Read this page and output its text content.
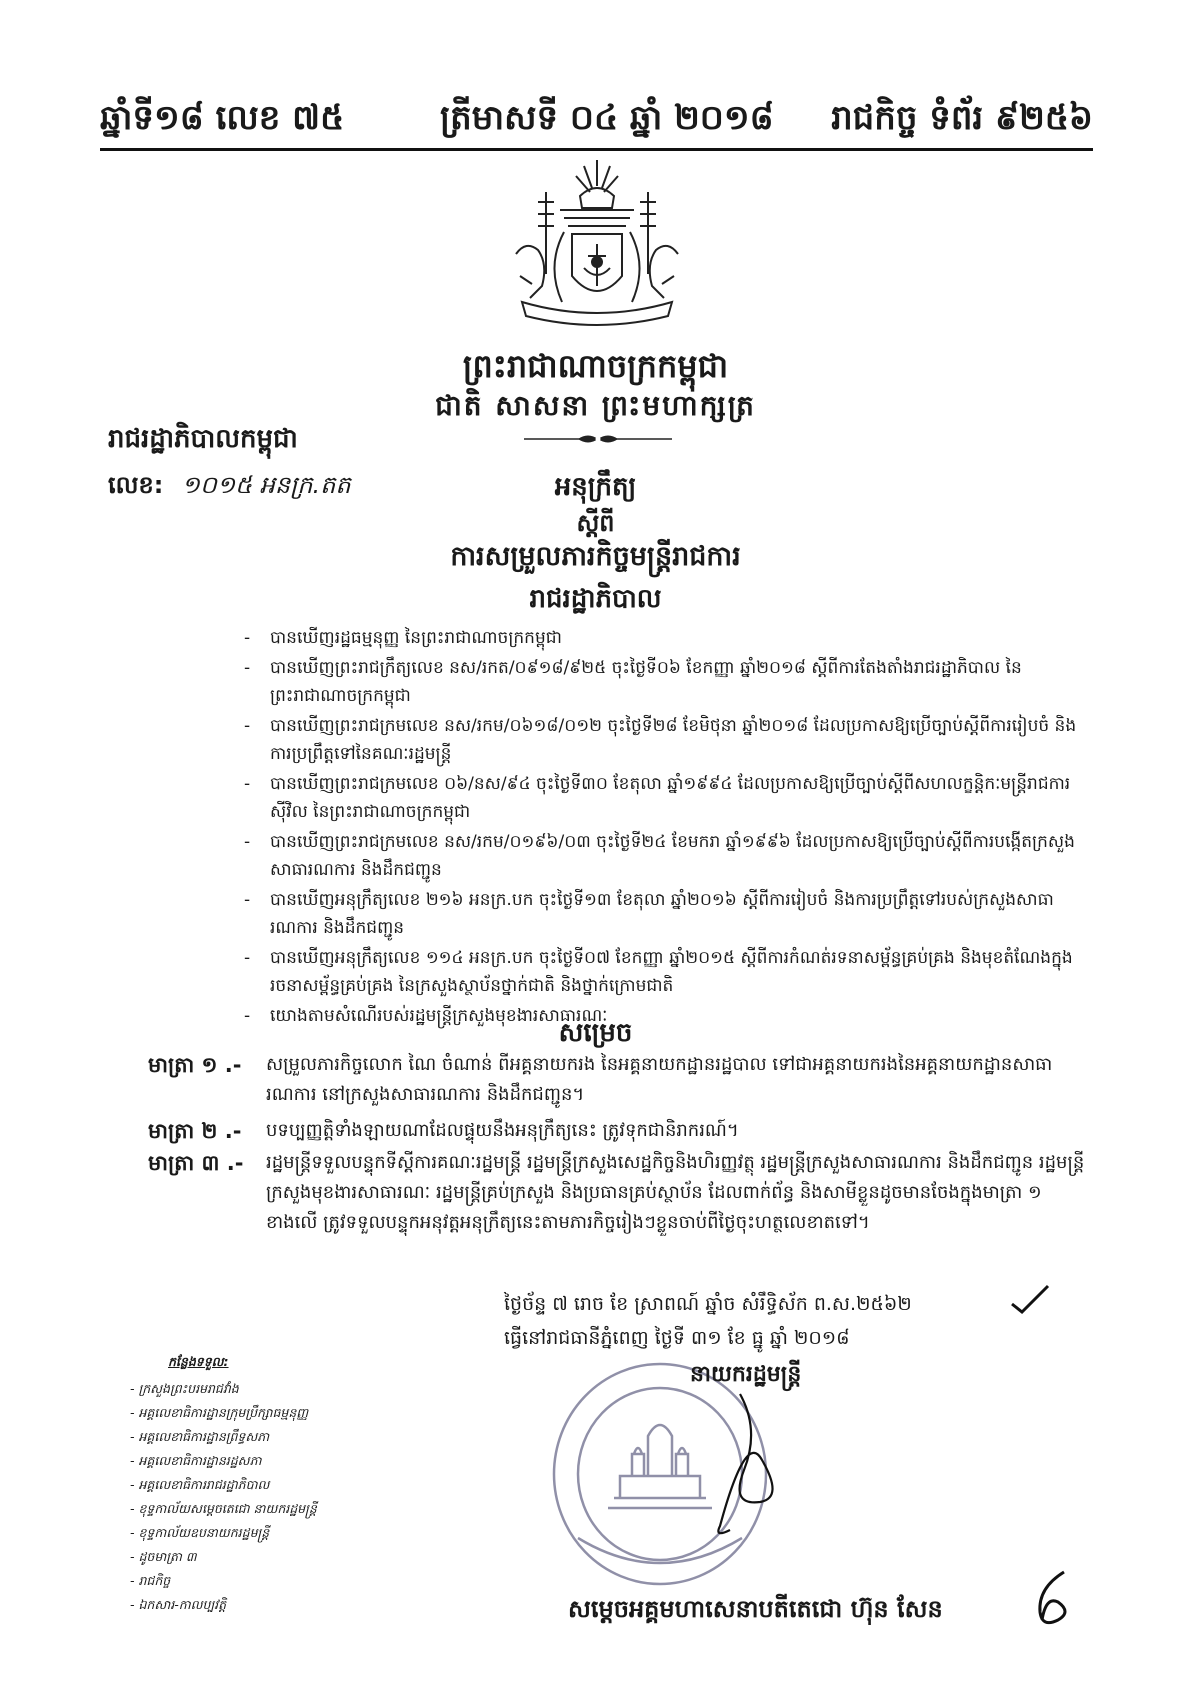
ឆ្នាំទី១៨ លេខ ៧៥	ត្រីមាសទី ០៤ ឆ្នាំ ២០១៨ រាជកិច្ច ទំព័រ ៩២៥៦
ព្រះរាជាណាចក្រកម្ពុជា
ជាតិ សាសនា ព្រះមហាក្សត្រ
រាជរដ្ឋាភិបាលកម្ពុជា
លេខ: ១០១៥ អនក្រ.តត	អនុក្រឹត្យ
ស្តីពី
ការសម្រួលភារកិច្ចមន្ត្រីរាជការ
រាជរដ្ឋាភិបាល
- បានឃើញរដ្ឋធម្មនុញ្ញ នៃព្រះរាជាណាចក្រកម្ពុជា
- បានឃើញព្រះរាជក្រឹត្យលេខ នស/រកត/០៩១៨/៩២៥ ចុះថ្ងៃទី០៦ ខែកញ្ញា ឆ្នាំ២០១៨ ស្តីពីការតែងតាំងរាជរដ្ឋាភិបាល នៃព្រះរាជាណាចក្រកម្ពុជា
- បានឃើញព្រះរាជក្រមលេខ នស/រកម/០៦១៨/០១២ ចុះថ្ងៃទី២៨ ខែមិថុនា ឆ្នាំ២០១៨ ដែលប្រកាសឱ្យប្រើច្បាប់ស្តីពីការរៀបចំ និងការប្រព្រឹត្តទៅនៃគណៈរដ្ឋមន្ត្រី
- បានឃើញព្រះរាជក្រមលេខ ០៦/នស/៩៤ ចុះថ្ងៃទី៣០ ខែតុលា ឆ្នាំ១៩៩៤ ដែលប្រកាសឱ្យប្រើច្បាប់ស្តីពីសហលក្ខន្តិកៈមន្ត្រីរាជការស៊ីវិល នៃព្រះរាជាណាចក្រកម្ពុជា
- បានឃើញព្រះរាជក្រមលេខ នស/រកម/០១៩៦/០៣ ចុះថ្ងៃទី២៤ ខែមករា ឆ្នាំ១៩៩៦ ដែលប្រកាសឱ្យប្រើច្បាប់ស្តីពីការបង្កើតក្រសួងសាធារណការ និងដឹកជញ្ជូន
- បានឃើញអនុក្រឹត្យលេខ ២១៦ អនក្រ.បក ចុះថ្ងៃទី១៣ ខែតុលា ឆ្នាំ២០១៦ ស្តីពីការរៀបចំ និងការប្រព្រឹត្តទៅរបស់ក្រសួងសាធារណការ និងដឹកជញ្ជូន
- បានឃើញអនុក្រឹត្យលេខ ១១៤ អនក្រ.បក ចុះថ្ងៃទី០៧ ខែកញ្ញា ឆ្នាំ២០១៥ ស្តីពីការកំណត់រទនាសម្ព័ន្ធគ្រប់គ្រង និងមុខតំណែងក្នុងរចនាសម្ព័ន្ធគ្រប់គ្រង នៃក្រសួងស្ថាប័នថ្នាក់ជាតិ និងថ្នាក់ក្រោមជាតិ
- យោងតាមសំណើរបស់រដ្ឋមន្ត្រីក្រសួងមុខងារសាធារណៈ
សម្រេច
មាត្រា ១ .-	សម្រួលភារកិច្ចលោក ណៃ ចំណាន់ ពីអគ្គនាយករង នៃអគ្គនាយកដ្ឋានរដ្ឋបាល ទៅជាអគ្គនាយករងនៃអគ្គនាយកដ្ឋានសាធារណការ នៅក្រសួងសាធារណការ និងដឹកជញ្ជូន។
មាត្រា ២ .-	បទប្បញ្ញត្តិទាំងឡាយណាដែលផ្ទុយនឹងអនុក្រឹត្យនេះ ត្រូវទុកជានិរាករណ៍។
មាត្រា ៣ .-	រដ្ឋមន្ត្រីទទួលបន្ទុកទីស្តីការគណៈរដ្ឋមន្ត្រី រដ្ឋមន្ត្រីក្រសួងសេដ្ឋកិច្ចនិងហិរញ្ញវត្ថុ រដ្ឋមន្ត្រីក្រសួងសាធារណការ និងដឹកជញ្ជូន រដ្ឋមន្ត្រីក្រសួងមុខងារសាធារណៈ រដ្ឋមន្ត្រីគ្រប់ក្រសួង និងប្រធានគ្រប់ស្ថាប័ន ដែលពាក់ព័ន្ធ និងសាមីខ្លួនដូចមានចែងក្នុងមាត្រា ១ ខាងលើ ត្រូវទទួលបន្ទុកអនុវត្តអនុក្រឹត្យនេះតាមភារកិច្ចរៀងៗខ្លួនចាប់ពីថ្ងៃចុះហត្ថលេខាតទៅ។
ថ្ងៃច័ន្ទ ៧ រោច ខែ ស្រាពណ៍ ឆ្នាំច សំរឹទ្ធិស័ក ព.ស.២៥៦២
ធ្វើនៅរាជធានីភ្នំពេញ ថ្ងៃទី ៣១ ខែ ធ្នូ ឆ្នាំ ២០១៨
នាយករដ្ឋមន្ត្រី
សម្តេចអគ្គមហាសេនាបតីតេជោ ហ៊ុន សែន
កន្លែងទទួល:
- ក្រសួងព្រះបរមរាជវាំង
- អគ្គលេខាធិការដ្ឋានក្រុមប្រឹក្សាធម្មនុញ្ញ
- អគ្គលេខាធិការដ្ឋានព្រឹទ្ធសភា
- អគ្គលេខាធិការដ្ឋានរដ្ឋសភា
- អគ្គលេខាធិការរាជរដ្ឋាភិបាល
- ខុទ្ទកាល័យសម្តេចតេជោ នាយករដ្ឋមន្ត្រី
- ខុទ្ទកាល័យឧបនាយករដ្ឋមន្ត្រី
- ដូចមាត្រា ៣
- រាជកិច្ច
- ឯកសារ-កាលប្បវត្តិ
